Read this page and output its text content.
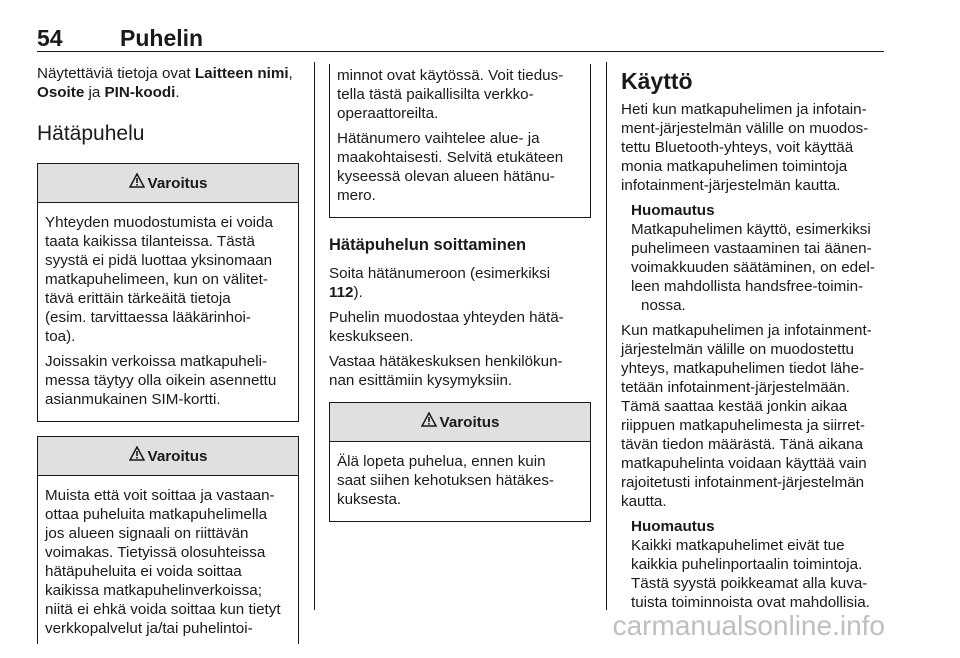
54 Puhelin

Näytettäviä tietoja ovat Laitteen nimi,
Osoite ja PIN-koodi.

Hätäpuhelu
Varoitus

Yhteyden muodostumista ei voida
taata kaikissa tilanteissa. Tästä
syystä ei pidä luottaa yksinomaan
matkapuhelimeen, kun on välitet-
tävä erittäin tärkeäitä tietoja
(esim. tarvittaessa lääkärinhoi-
toa).

Joissakin verkoissa matkapuheli-
messa täytyy olla oikein asennettu
asianmukainen SIM-kortti.

Varoitus

Muista että voit soittaa ja vastaan-
ottaa puheluita matkapuhelimella
jos alueen signaali on riittävän
voimakas. Tietyissä olosuhteissa
hätäpuheluita ei voida soittaa
kaikissa matkapuhelinverkoissa;
niitä ei ehkä voida soittaa kun tietyt
verkkopalvelut ja/tai puhelintoi-

minnot ovat käytössä. Voit tiedus-
tella tästä paikallisilta verkko-
operaattoreilta.

Hätänumero vaihtelee alue- ja
maakohtaisesti. Selvitä etukäteen
kyseessä olevan alueen hätänu-
mero.

Hätäpuhelun soittaminen

Soita hätänumeroon (esimerkiksi
112).

Puhelin muodostaa yhteyden hätä-
keskukseen.

Vastaa hätäkeskuksen henkilökun-
nan esittämiin kysymyksiin.

Varoitus

Älä lopeta puhelua, ennen kuin
saat siihen kehotuksen hätäkes-
kuksesta.

Käyttö

Heti kun matkapuhelimen ja infotain-
ment-järjestelmän välille on muodos-
tettu Bluetooth-yhteys, voit käyttää
monia matkapuhelimen toimintoja
infotainment-järjestelmän kautta.

Huomautus
Matkapuhelimen käyttö, esimerkiksi
puhelimeen vastaaminen tai äänen-
voimakkuuden säätäminen, on edel-
leen mahdollista handsfree-toimin-
nossa.

Kun matkapuhelimen ja infotainment-
järjestelmän välille on muodostettu
yhteys, matkapuhelimen tiedot lähe-
tetään infotainment-järjestelmään.
Tämä saattaa kestää jonkin aikaa
riippuen matkapuhelimesta ja siirret-
tävän tiedon määrästä. Tänä aikana
matkapuhelinta voidaan käyttää vain
rajoitetusti infotainment-järjestelmän
kautta.

Huomautus
Kaikki matkapuhelimet eivät tue
kaikkia puhelinportaalin toimintoja.
Tästä syystä poikkeamat alla kuva-
tuista toiminnoista ovat mahdollisia.
carmanualsonline.info
